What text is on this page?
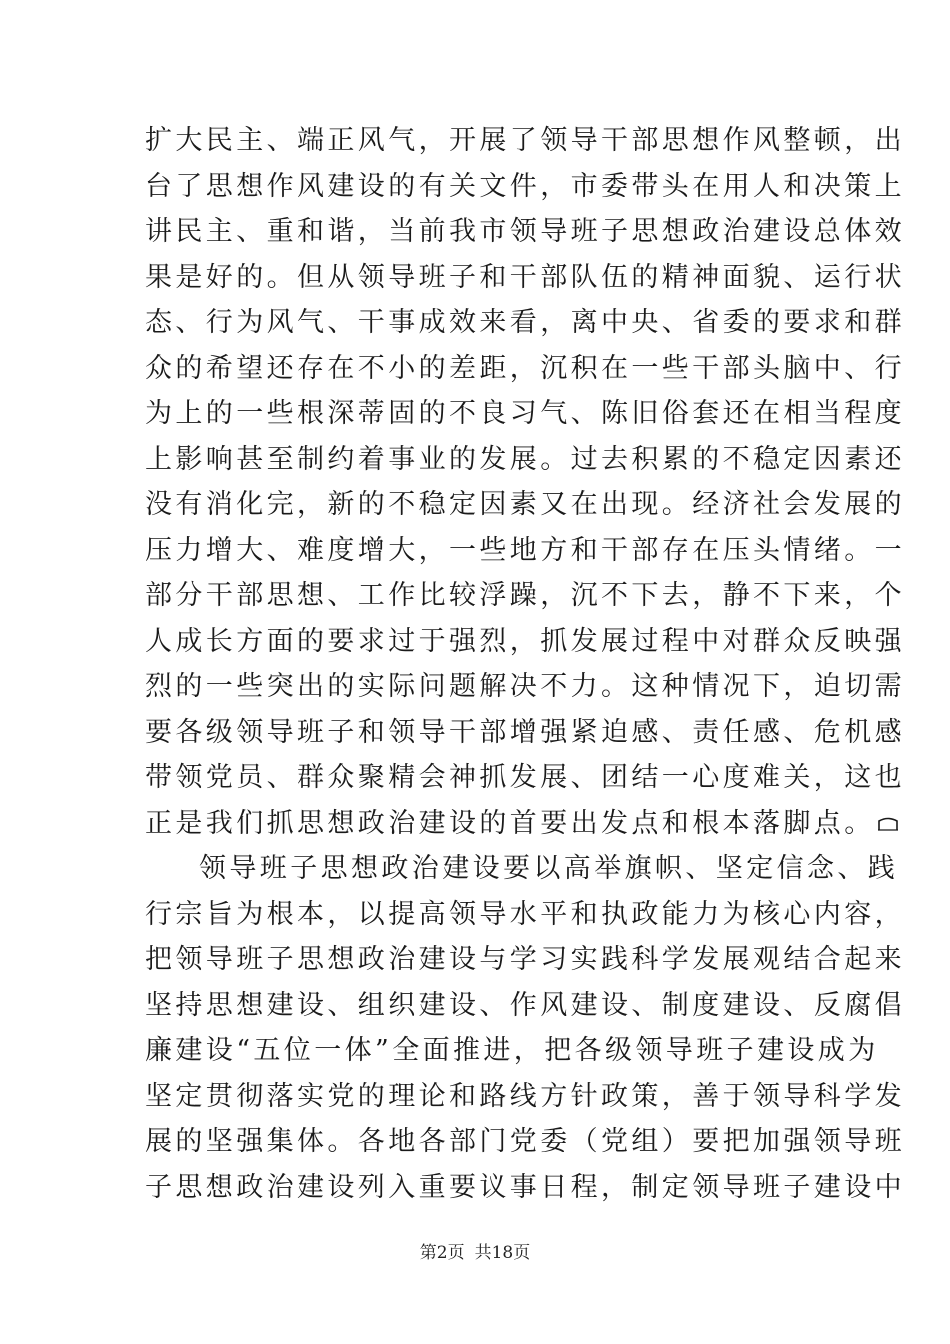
扩大民主、端正风气，开展了领导干部思想作风整顿，出
台了思想作风建设的有关文件，市委带头在用人和决策上
讲民主、重和谐，当前我市领导班子思想政治建设总体效
果是好的。但从领导班子和干部队伍的精神面貌、运行状
态、行为风气、干事成效来看，离中央、省委的要求和群
众的希望还存在不小的差距，沉积在一些干部头脑中、行
为上的一些根深蒂固的不良习气、陈旧俗套还在相当程度
上影响甚至制约着事业的发展。过去积累的不稳定因素还
没有消化完，新的不稳定因素又在出现。经济社会发展的
压力增大、难度增大，一些地方和干部存在压头情绪。一
部分干部思想、工作比较浮躁，沉不下去，静不下来，个
人成长方面的要求过于强烈，抓发展过程中对群众反映强
烈的一些突出的实际问题解决不力。这种情况下，迫切需
要各级领导班子和领导干部增强紧迫感、责任感、危机感
带领党员、群众聚精会神抓发展、团结一心度难关，这也
正是我们抓思想政治建设的首要出发点和根本落脚点。
领导班子思想政治建设要以高举旗帜、坚定信念、践
行宗旨为根本，以提高领导水平和执政能力为核心内容，
把领导班子思想政治建设与学习实践科学发展观结合起来
坚持思想建设、组织建设、作风建设、制度建设、反腐倡
廉建设“五位一体”全面推进，把各级领导班子建设成为
坚定贯彻落实党的理论和路线方针政策，善于领导科学发
展的坚强集体。各地各部门党委（党组）要把加强领导班
子思想政治建设列入重要议事日程，制定领导班子建设中
第2页 共18页
